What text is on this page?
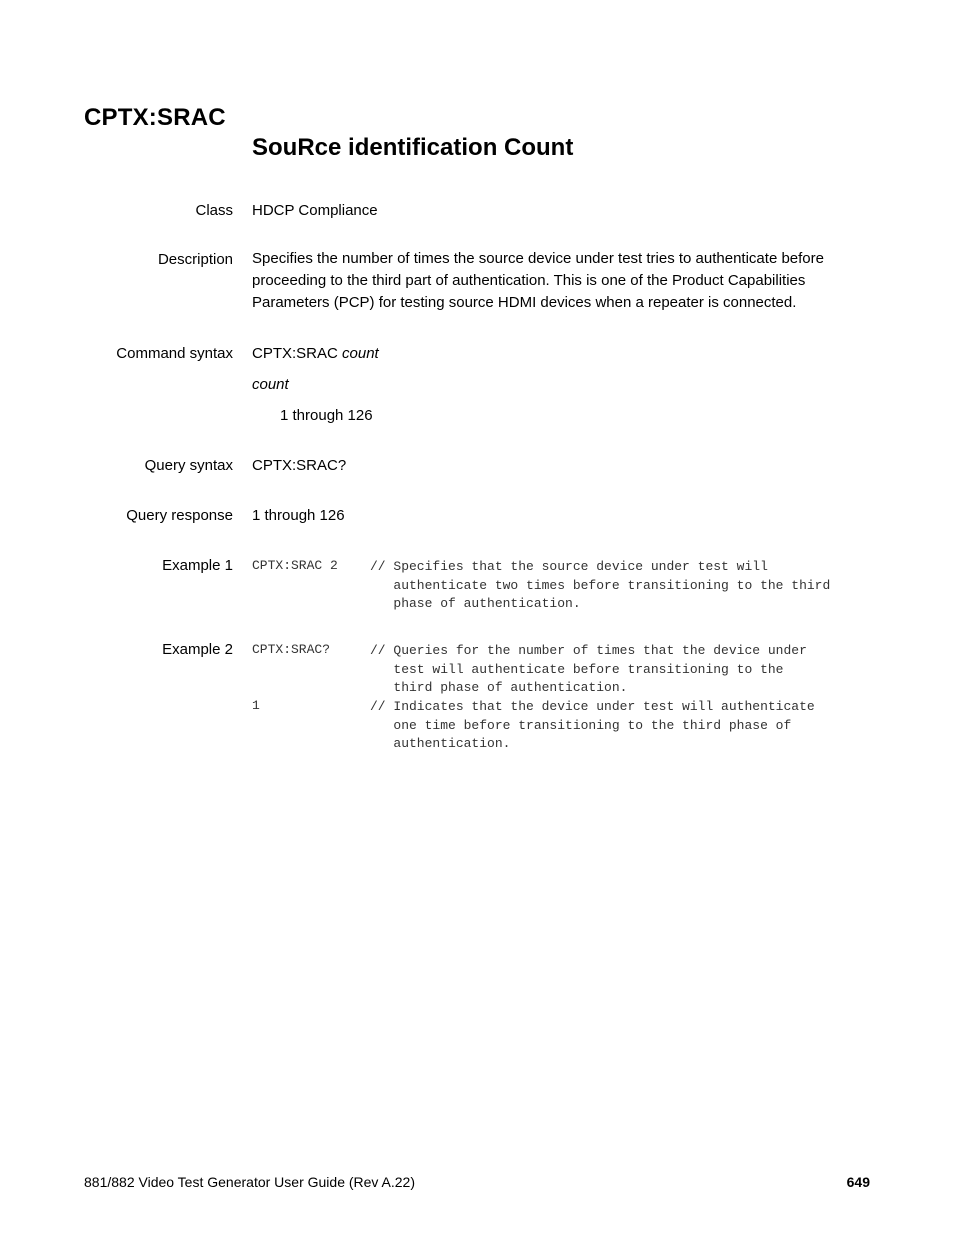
CPTX:SRAC
SouRce identification Count
Class HDCP Compliance
Description Specifies the number of times the source device under test tries to authenticate before proceeding to the third part of authentication. This is one of the Product Capabilities Parameters (PCP) for testing source HDMI devices when a repeater is connected.
Command syntax CPTX:SRAC count
count
1 through 126
Query syntax CPTX:SRAC?
Query response 1 through 126
Example 1 CPTX:SRAC 2 // Specifies that the source device under test will
authenticate two times before transitioning to the third
phase of authentication.
Example 2 CPTX:SRAC?	// Queries for the number of times that the device under
test will authenticate before transitioning to the
third phase of authentication.
1	// Indicates that the device under test will authenticate
one time before transitioning to the third phase of
authentication.
881/882 Video Test Generator User Guide (Rev A.22)	649
